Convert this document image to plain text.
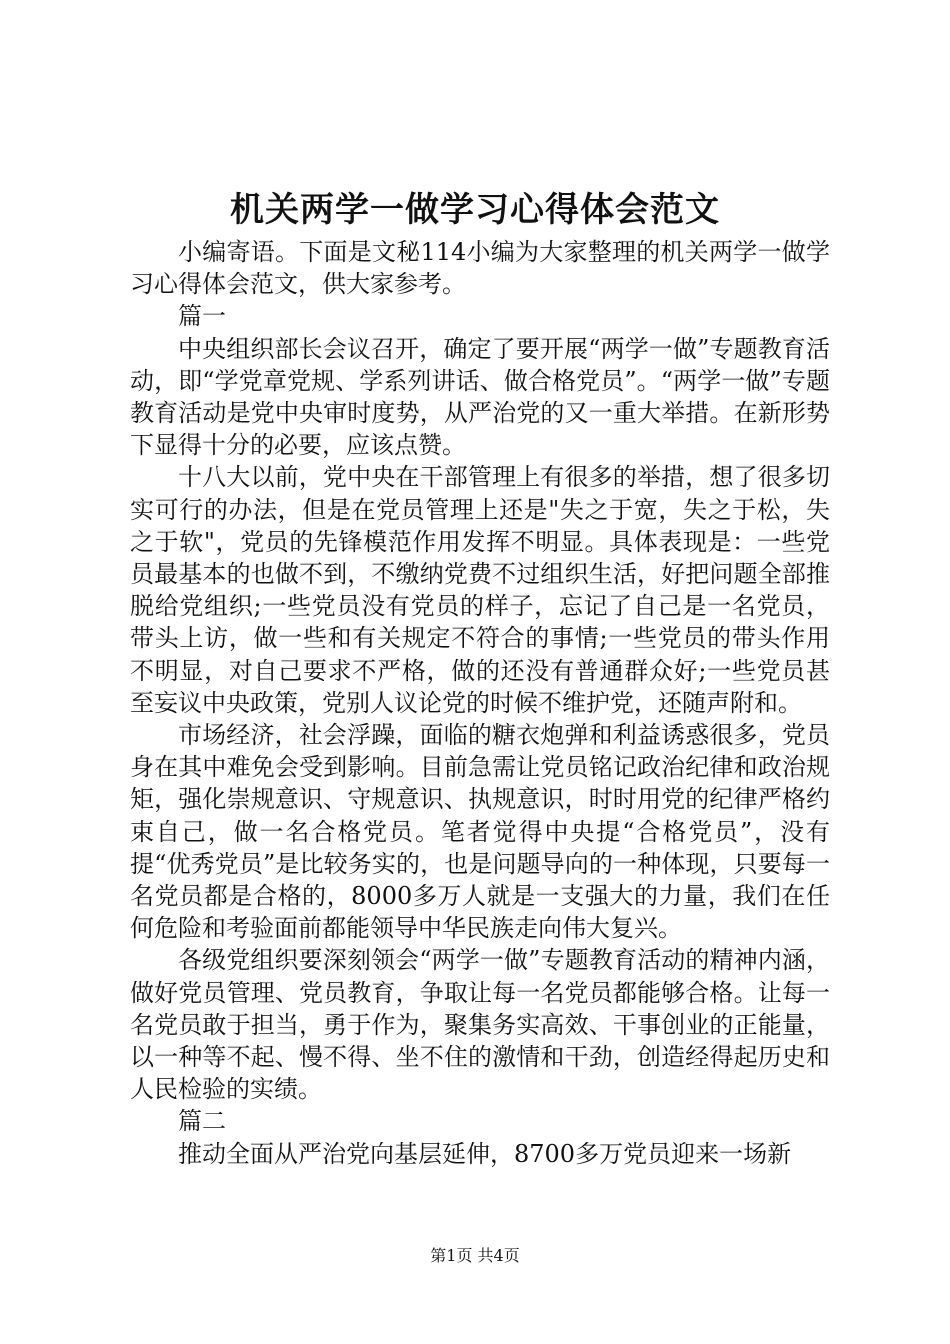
机关两学一做学习心得体会范文

小编寄语。下面是文秘114小编为大家整理的机关两学一做学习心得体会范文，供大家参考。

篇一

中央组织部长会议召开，确定了要开展“两学一做”专题教育活动，即“学党章党规、学系列讲话、做合格党员”。“两学一做”专题教育活动是党中央审时度势，从严治党的又一重大举措。在新形势下显得十分的必要，应该点赞。

十八大以前，党中央在干部管理上有很多的举措，想了很多切实可行的办法，但是在党员管理上还是"失之于宽，失之于松，失之于软"，党员的先锋模范作用发挥不明显。具体表现是：一些党员最基本的也做不到，不缴纳党费不过组织生活，好把问题全部推脱给党组织;一些党员没有党员的样子，忘记了自己是一名党员，带头上访，做一些和有关规定不符合的事情;一些党员的带头作用不明显，对自己要求不严格，做的还没有普通群众好;一些党员甚至妄议中央政策，党别人议论党的时候不维护党，还随声附和。

市场经济，社会浮躁，面临的糖衣炮弹和利益诱惑很多，党员身在其中难免会受到影响。目前急需让党员铭记政治纪律和政治规矩，强化崇规意识、守规意识、执规意识，时时用党的纪律严格约束自己，做一名合格党员。笔者觉得中央提“合格党员”，没有提“优秀党员”是比较务实的，也是问题导向的一种体现，只要每一名党员都是合格的，8000多万人就是一支强大的力量，我们在任何危险和考验面前都能领导中华民族走向伟大复兴。

各级党组织要深刻领会“两学一做”专题教育活动的精神内涵，做好党员管理、党员教育，争取让每一名党员都能够合格。让每一名党员敢于担当，勇于作为，聚集务实高效、干事创业的正能量，以一种等不起、慢不得、坐不住的激情和干劲，创造经得起历史和人民检验的实绩。

篇二

推动全面从严治党向基层延伸，8700多万党员迎来一场新

第1页 共4页
